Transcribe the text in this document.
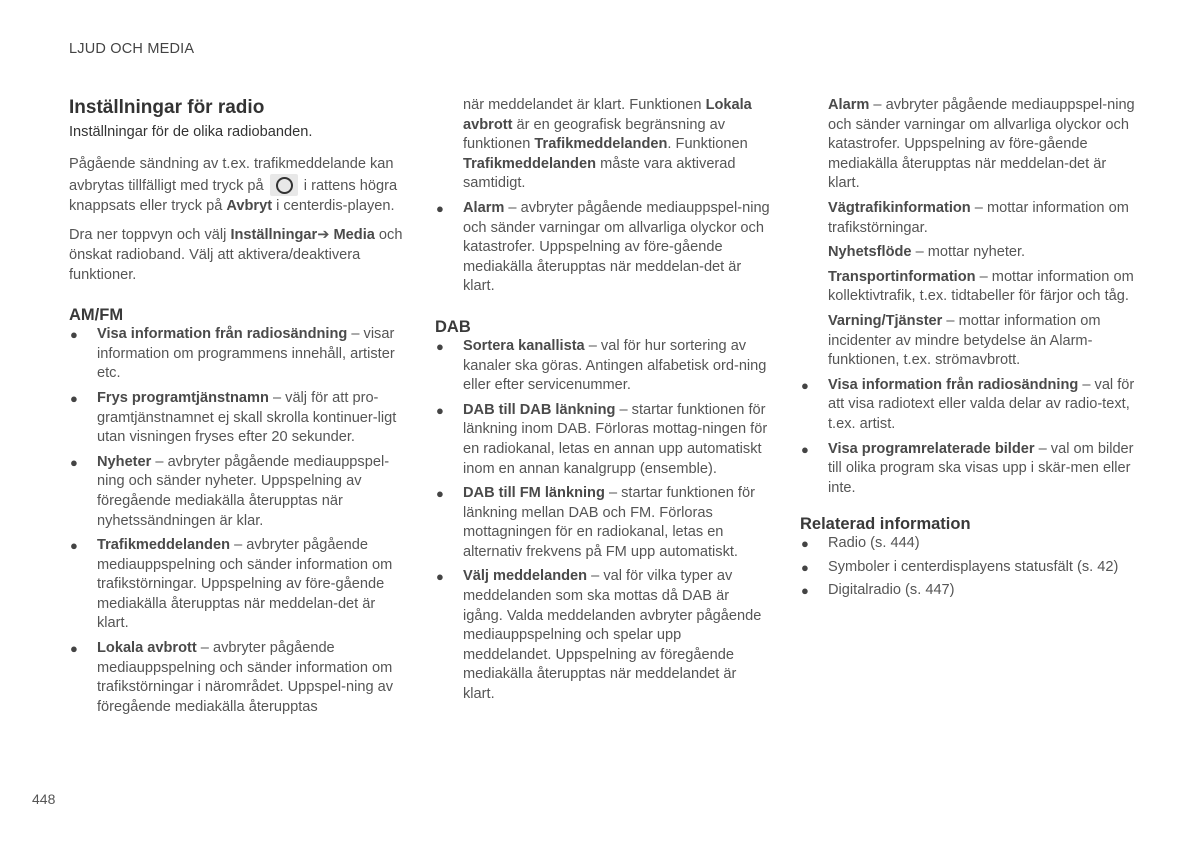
LJUD OCH MEDIA
Inställningar för radio

Inställningar för de olika radiobanden.

Pågående sändning av t.ex. trafikmeddelande kan avbrytas tillfälligt med tryck på	i rattens högra knappsats eller tryck på Avbryt i centerdis-playen.

Dra ner toppvyn och välj Inställningar➔ Media och önskat radioband. Välj att aktivera/deaktivera funktioner.

AM/FM
● Visa information från radiosändning – visar information om programmens innehåll, artister etc.
● Frys programtjänstnamn – välj för att pro-gramtjänstnamnet ej skall skrolla kontinuer-ligt utan visningen fryses efter 20 sekunder.
● Nyheter – avbryter pågående mediauppspel-ning och sänder nyheter. Uppspelning av föregående mediakälla återupptas när nyhetssändningen är klar.
● Trafikmeddelanden – avbryter pågående mediauppspelning och sänder information om trafikstörningar. Uppspelning av före-gående mediakälla återupptas när meddelan-det är klart.
● Lokala avbrott – avbryter pågående mediauppspelning och sänder information om trafikstörningar i närområdet. Uppspel-ning av föregående mediakälla återupptas
när meddelandet är klart. Funktionen Lokala avbrott är en geografisk begränsning av funktionen Trafikmeddelanden. Funktionen Trafikmeddelanden måste vara aktiverad samtidigt.
● Alarm – avbryter pågående mediauppspel-ning och sänder varningar om allvarliga olyckor och katastrofer. Uppspelning av före-gående mediakälla återupptas när meddelan-det är klart.
DAB
● Sortera kanallista – val för hur sortering av kanaler ska göras. Antingen alfabetisk ord-ning eller efter servicenummer.
● DAB till DAB länkning – startar funktionen för länkning inom DAB. Förloras mottag-ningen för en radiokanal, letas en annan upp automatiskt inom en annan kanalgrupp (ensemble).
● DAB till FM länkning – startar funktionen för länkning mellan DAB och FM. Förloras mottagningen för en radiokanal, letas en alternativ frekvens på FM upp automatiskt.
● Välj meddelanden – val för vilka typer av meddelanden som ska mottas då DAB är igång. Valda meddelanden avbryter pågående mediauppspelning och spelar upp meddelandet. Uppspelning av föregående mediakälla återupptas när meddelandet är klart.
Alarm – avbryter pågående mediauppspel-ning och sänder varningar om allvarliga olyckor och katastrofer. Uppspelning av före-gående mediakälla återupptas när meddelan-det är klart.
Vägtrafikinformation – mottar information om trafikstörningar.
Nyhetsflöde – mottar nyheter.
Transportinformation – mottar information om kollektivtrafik, t.ex. tidtabeller för färjor och tåg.
Varning/Tjänster – mottar information om incidenter av mindre betydelse än Alarm-funktionen, t.ex. strömavbrott.
● Visa information från radiosändning – val för att visa radiotext eller valda delar av radio-text, t.ex. artist.
● Visa programrelaterade bilder – val om bilder till olika program ska visas upp i skär-men eller inte.
Relaterad information
● Radio (s. 444)
● Symboler i centerdisplayens statusfält (s. 42)
● Digitalradio (s. 447)
448
